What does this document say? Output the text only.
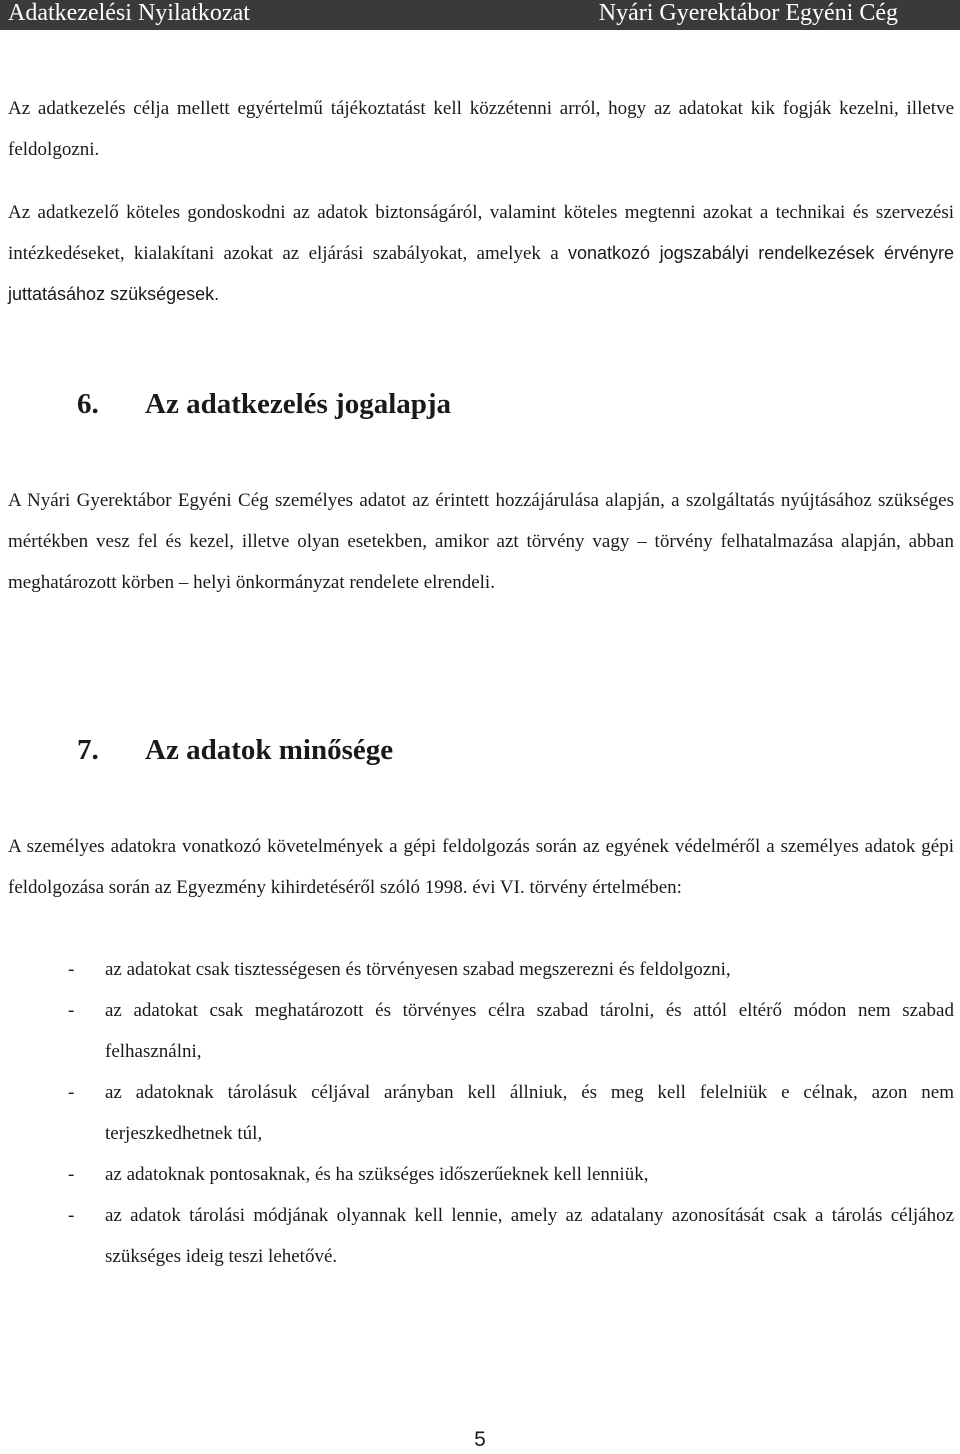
Adatkezelési Nyilatkozat	Nyári Gyerektábor Egyéni Cég

Az adatkezelés célja mellett egyértelmű tájékoztatást kell közzétenni arról, hogy az adatokat kik fogják kezelni, illetve feldolgozni.

Az adatkezelő köteles gondoskodni az adatok biztonságáról, valamint köteles megtenni azokat a technikai és szervezési intézkedéseket, kialakítani azokat az eljárási szabályokat, amelyek a vonatkozó jogszabályi rendelkezések érvényre juttatásához szükségesek.

6. Az adatkezelés jogalapja

A Nyári Gyerektábor Egyéni Cég személyes adatot az érintett hozzájárulása alapján, a szolgáltatás nyújtásához szükséges mértékben vesz fel és kezel, illetve olyan esetekben, amikor azt törvény vagy – törvény felhatalmazása alapján, abban meghatározott körben – helyi önkormányzat rendelete elrendeli.

7. Az adatok minősége

A személyes adatokra vonatkozó követelmények a gépi feldolgozás során az egyének védelméről a személyes adatok gépi feldolgozása során az Egyezmény kihirdetéséről szóló 1998. évi VI. törvény értelmében:

- az adatokat csak tisztességesen és törvényesen szabad megszerezni és feldolgozni,
- az adatokat csak meghatározott és törvényes célra szabad tárolni, és attól eltérő módon nem szabad felhasználni,
- az adatoknak tárolásuk céljával arányban kell állniuk, és meg kell felelniük e célnak, azon nem terjeszkedhetnek túl,
- az adatoknak pontosaknak, és ha szükséges időszerűeknek kell lenniük,
- az adatok tárolási módjának olyannak kell lennie, amely az adatalany azonosítását csak a tárolás céljához szükséges ideig teszi lehetővé.
5
